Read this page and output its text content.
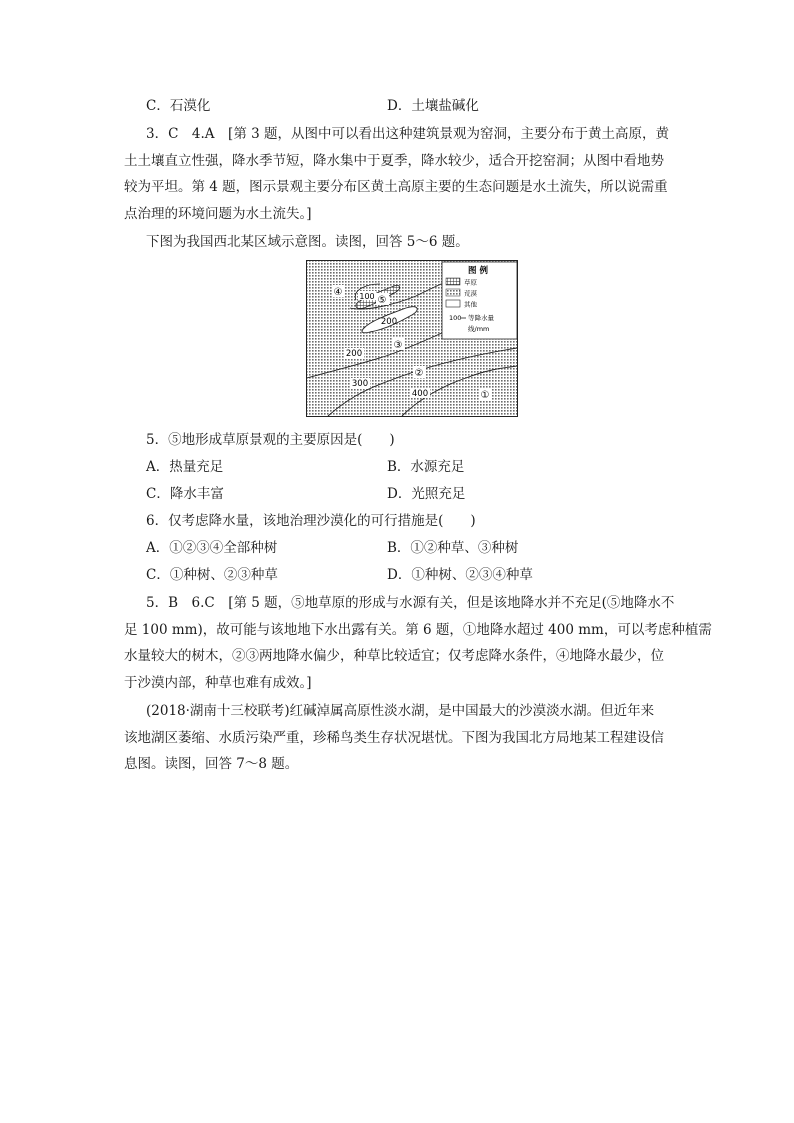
C．石漠化	D．土壤盐碱化
3．C　4.A　[第 3 题，从图中可以看出这种建筑景观为窑洞，主要分布于黄土高原，黄
土土壤直立性强，降水季节短，降水集中于夏季，降水较少，适合开挖窑洞；从图中看地势
较为平坦。第 4 题，图示景观主要分布区黄土高原主要的生态问题是水土流失，所以说需重
点治理的环境问题为水土流失。]
下图为我国西北某区域示意图。读图，回答 5～6 题。
100
200
200
300
400
④
⑤
③
②
①
图 例
草原
荒漠
其他
100 等降水量
线/mm
5．⑤地形成草原景观的主要原因是(　　)
A．热量充足	B．水源充足
C．降水丰富	D．光照充足
6．仅考虑降水量，该地治理沙漠化的可行措施是(　　)
A．①②③④全部种树	B．①②种草、③种树
C．①种树、②③种草	D．①种树、②③④种草
5．B　6.C　[第 5 题，⑤地草原的形成与水源有关，但是该地降水并不充足(⑤地降水不
足 100 mm)，故可能与该地地下水出露有关。第 6 题，①地降水超过 400 mm，可以考虑种植需
水量较大的树木，②③两地降水偏少，种草比较适宜；仅考虑降水条件，④地降水最少，位
于沙漠内部，种草也难有成效。]
(2018·湖南十三校联考)红碱淖属高原性淡水湖，是中国最大的沙漠淡水湖。但近年来
该地湖区萎缩、水质污染严重，珍稀鸟类生存状况堪忧。下图为我国北方局地某工程建设信
息图。读图，回答 7～8 题。
